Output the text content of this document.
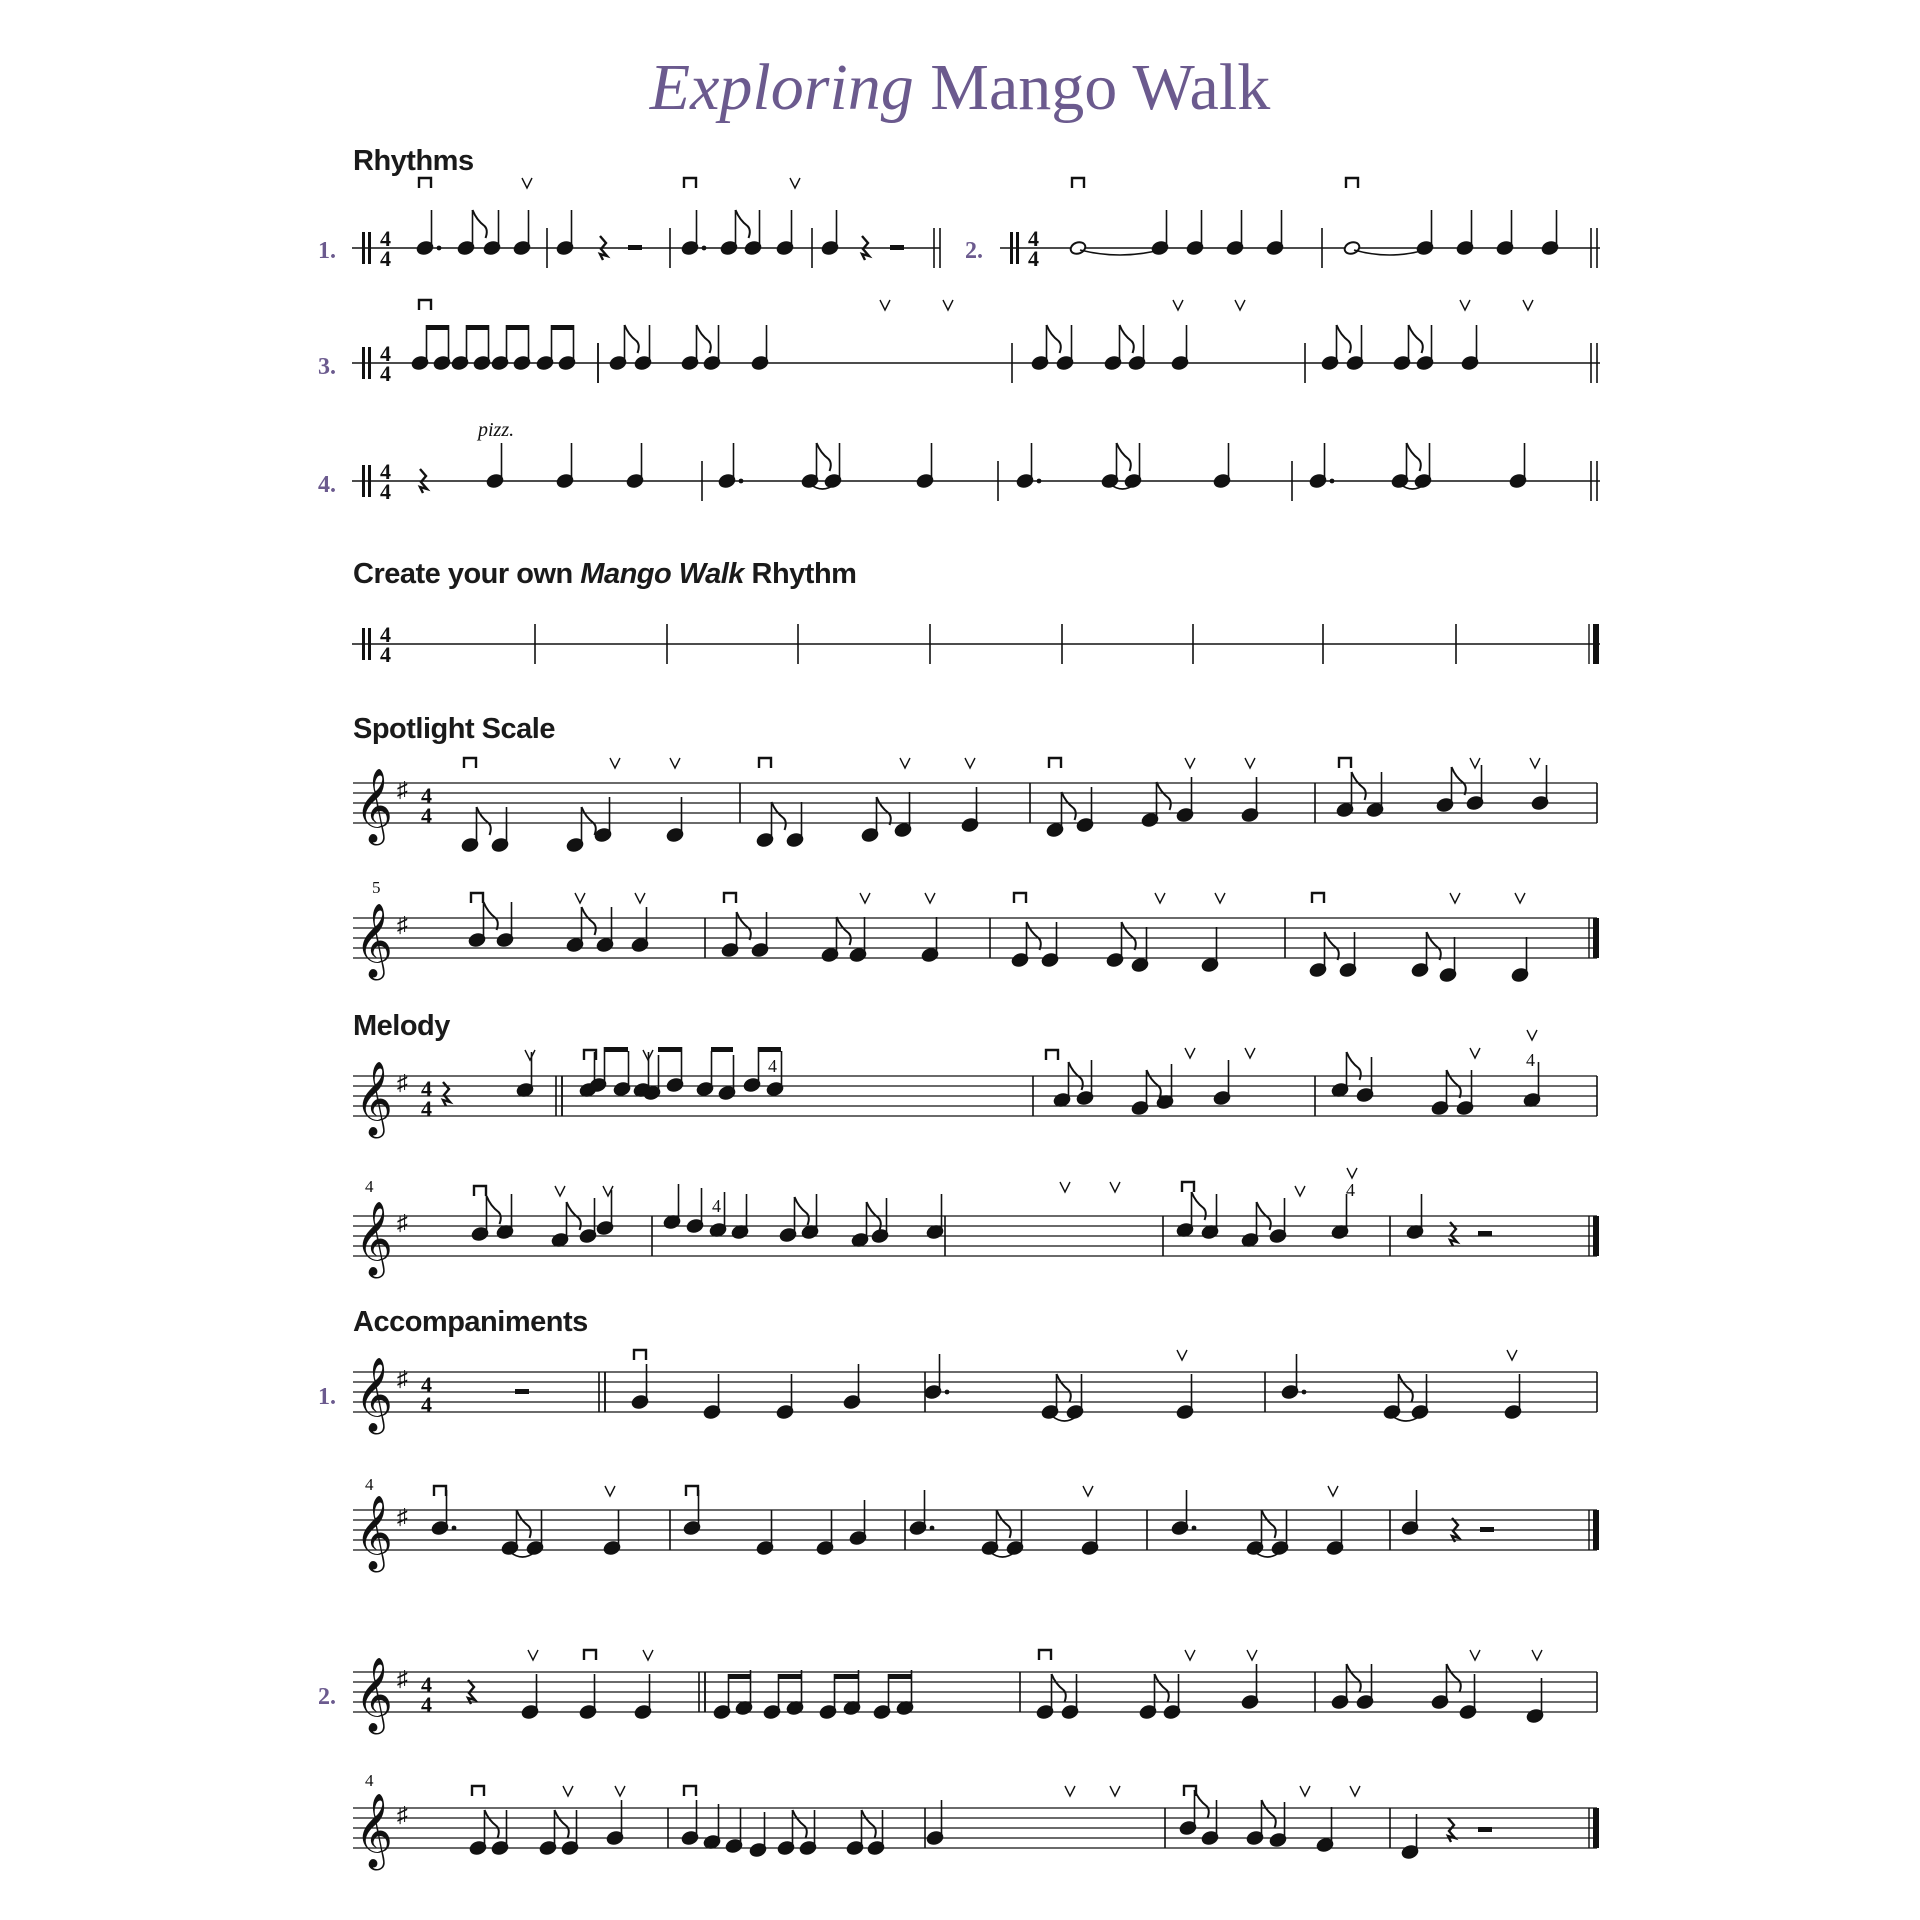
Exploring Mango Walk
Rhythms
Create your own Mango Walk Rhythm
Spotlight Scale
Melody
Accompaniments
1. 4
4	2. 4
4
3.
4
4
4.
4
4
pizz.
4
4
𝄞 ♯ 4
4
5
𝄞 ♯
𝄞 ♯ 4
4
4	4
4
𝄞 ♯
4
4
1. 𝄞 ♯ 4
4
4
𝄞 ♯
2. 𝄞 ♯ 4
4
4
𝄞 ♯
